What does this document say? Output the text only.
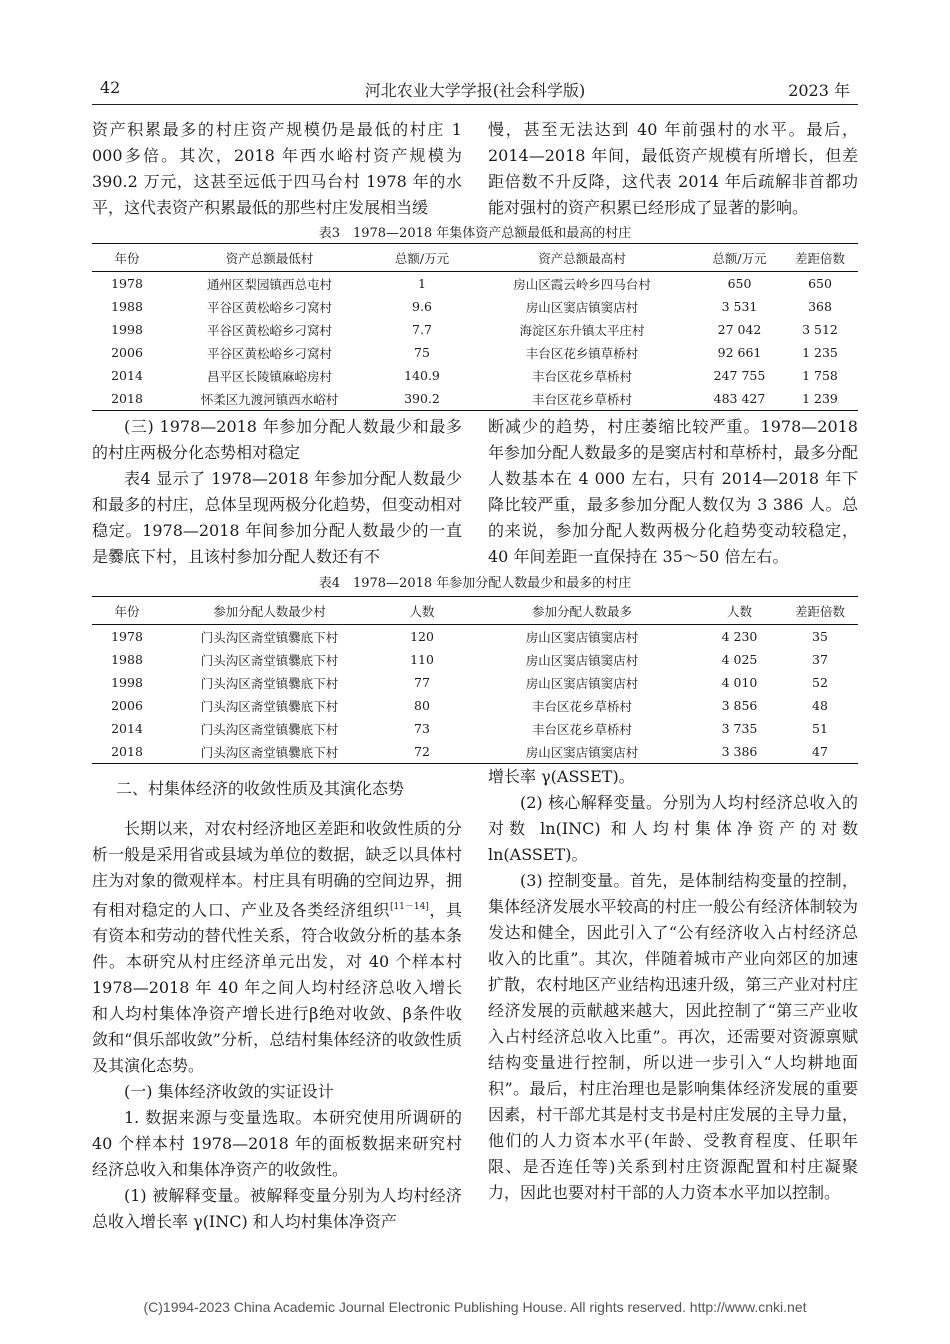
42	河北农业大学学报(社会科学版)	2023 年

资产积累最多的村庄资产规模仍是最低的村庄 1 000多倍。其次，2018 年西水峪村资产规模为 390.2 万元，这甚至远低于四马台村 1978 年的水平，这代表资产积累最低的那些村庄发展相当缓

慢，甚至无法达到 40 年前强村的水平。最后，2014—2018 年间，最低资产规模有所增长，但差距倍数不升反降，这代表 2014 年后疏解非首都功能对强村的资产积累已经形成了显著的影响。

表3　1978—2018 年集体资产总额最低和最高的村庄
年份	资产总额最低村	总额/万元	资产总额最高村	总额/万元	差距倍数
1978	通州区梨园镇西总屯村	1	房山区霞云岭乡四马台村	650	650
1988	平谷区黄松峪乡刁窝村	9.6	房山区窦店镇窦店村	3 531	368
1998	平谷区黄松峪乡刁窝村	7.7	海淀区东升镇太平庄村	27 042	3 512
2006	平谷区黄松峪乡刁窝村	75	丰台区花乡镇草桥村	92 661	1 235
2014	昌平区长陵镇麻峪房村	140.9	丰台区花乡草桥村	247 755	1 758
2018	怀柔区九渡河镇西水峪村	390.2	丰台区花乡草桥村	483 427	1 239

(三) 1978—2018 年参加分配人数最少和最多的村庄两极分化态势相对稳定

表4 显示了 1978—2018 年参加分配人数最少和最多的村庄，总体呈现两极分化趋势，但变动相对稳定。1978—2018 年间参加分配人数最少的一直是爨底下村，且该村参加分配人数还有不

断减少的趋势，村庄萎缩比较严重。1978—2018 年参加分配人数最多的是窦店村和草桥村，最多分配人数基本在 4 000 左右，只有 2014—2018 年下降比较严重，最多参加分配人数仅为 3 386 人。总的来说，参加分配人数两极分化趋势变动较稳定，40 年间差距一直保持在 35～50 倍左右。

表4　1978—2018 年参加分配人数最少和最多的村庄
年份	参加分配人数最少村	人数	参加分配人数最多	人数	差距倍数
1978	门头沟区斋堂镇爨底下村	120	房山区窦店镇窦店村	4 230	35
1988	门头沟区斋堂镇爨底下村	110	房山区窦店镇窦店村	4 025	37
1998	门头沟区斋堂镇爨底下村	77	房山区窦店镇窦店村	4 010	52
2006	门头沟区斋堂镇爨底下村	80	丰台区花乡草桥村	3 856	48
2014	门头沟区斋堂镇爨底下村	73	丰台区花乡草桥村	3 735	51
2018	门头沟区斋堂镇爨底下村	72	房山区窦店镇窦店村	3 386	47

二、村集体经济的收敛性质及其演化态势

长期以来，对农村经济地区差距和收敛性质的分析一般是采用省或县域为单位的数据，缺乏以具体村庄为对象的微观样本。村庄具有明确的空间边界，拥有相对稳定的人口、产业及各类经济组织[11－14]，具有资本和劳动的替代性关系，符合收敛分析的基本条件。本研究从村庄经济单元出发，对 40 个样本村 1978—2018 年 40 年之间人均村经济总收入增长和人均村集体净资产增长进行β绝对收敛、β条件收敛和“俱乐部收敛”分析，总结村集体经济的收敛性质及其演化态势。

(一) 集体经济收敛的实证设计

1. 数据来源与变量选取。本研究使用所调研的 40 个样本村 1978—2018 年的面板数据来研究村经济总收入和集体净资产的收敛性。

(1) 被解释变量。被解释变量分别为人均村经济总收入增长率 γ(INC) 和人均村集体净资产

增长率 γ(ASSET)。

(2) 核心解释变量。分别为人均村经济总收入的对数 ln(INC) 和人均村集体净资产的对数 ln(ASSET)。

(3) 控制变量。首先，是体制结构变量的控制，集体经济发展水平较高的村庄一般公有经济体制较为发达和健全，因此引入了“公有经济收入占村经济总收入的比重”。其次，伴随着城市产业向郊区的加速扩散，农村地区产业结构迅速升级，第三产业对村庄经济发展的贡献越来越大，因此控制了“第三产业收入占村经济总收入比重”。再次，还需要对资源禀赋结构变量进行控制，所以进一步引入“人均耕地面积”。最后，村庄治理也是影响集体经济发展的重要因素，村干部尤其是村支书是村庄发展的主导力量，他们的人力资本水平(年龄、受教育程度、任职年限、是否连任等)关系到村庄资源配置和村庄凝聚力，因此也要对村干部的人力资本水平加以控制。

(C)1994-2023 China Academic Journal Electronic Publishing House. All rights reserved. http://www.cnki.net
